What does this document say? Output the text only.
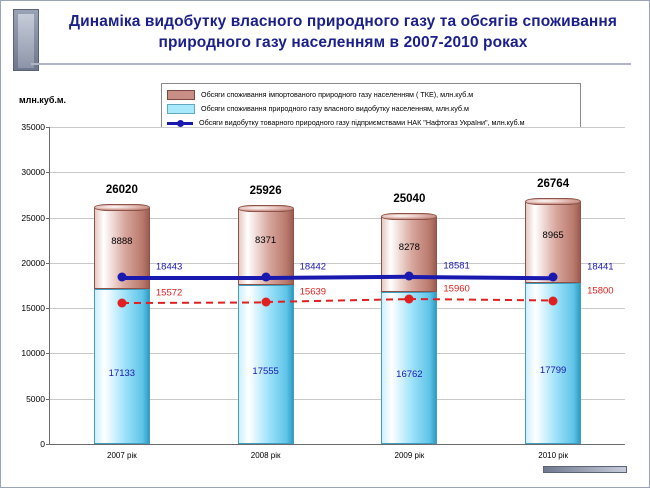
Динаміка видобутку власного природного газу та обсягів споживання природного газу населенням в 2007-2010 роках
млн.куб.м.
Обсяги споживання імпортованого природного газу населенням ( ТКЕ), млн.куб.м
Обсяги споживання природного газу власного видобутку населенням, млн.куб.м
Обсяги видобутку товарного природного газу підприємствами НАК "Нафтогаз України", млн.куб.м
0
5000
10000
15000
20000
25000
30000
35000
17133
8888
26020
2007 рік
17555
8371
25926
2008 рік
16762
8278
25040
2009 рік
17799
8965
26764
2010 рік
18443	18442	18581	18441
15572	15639	15960	15800
